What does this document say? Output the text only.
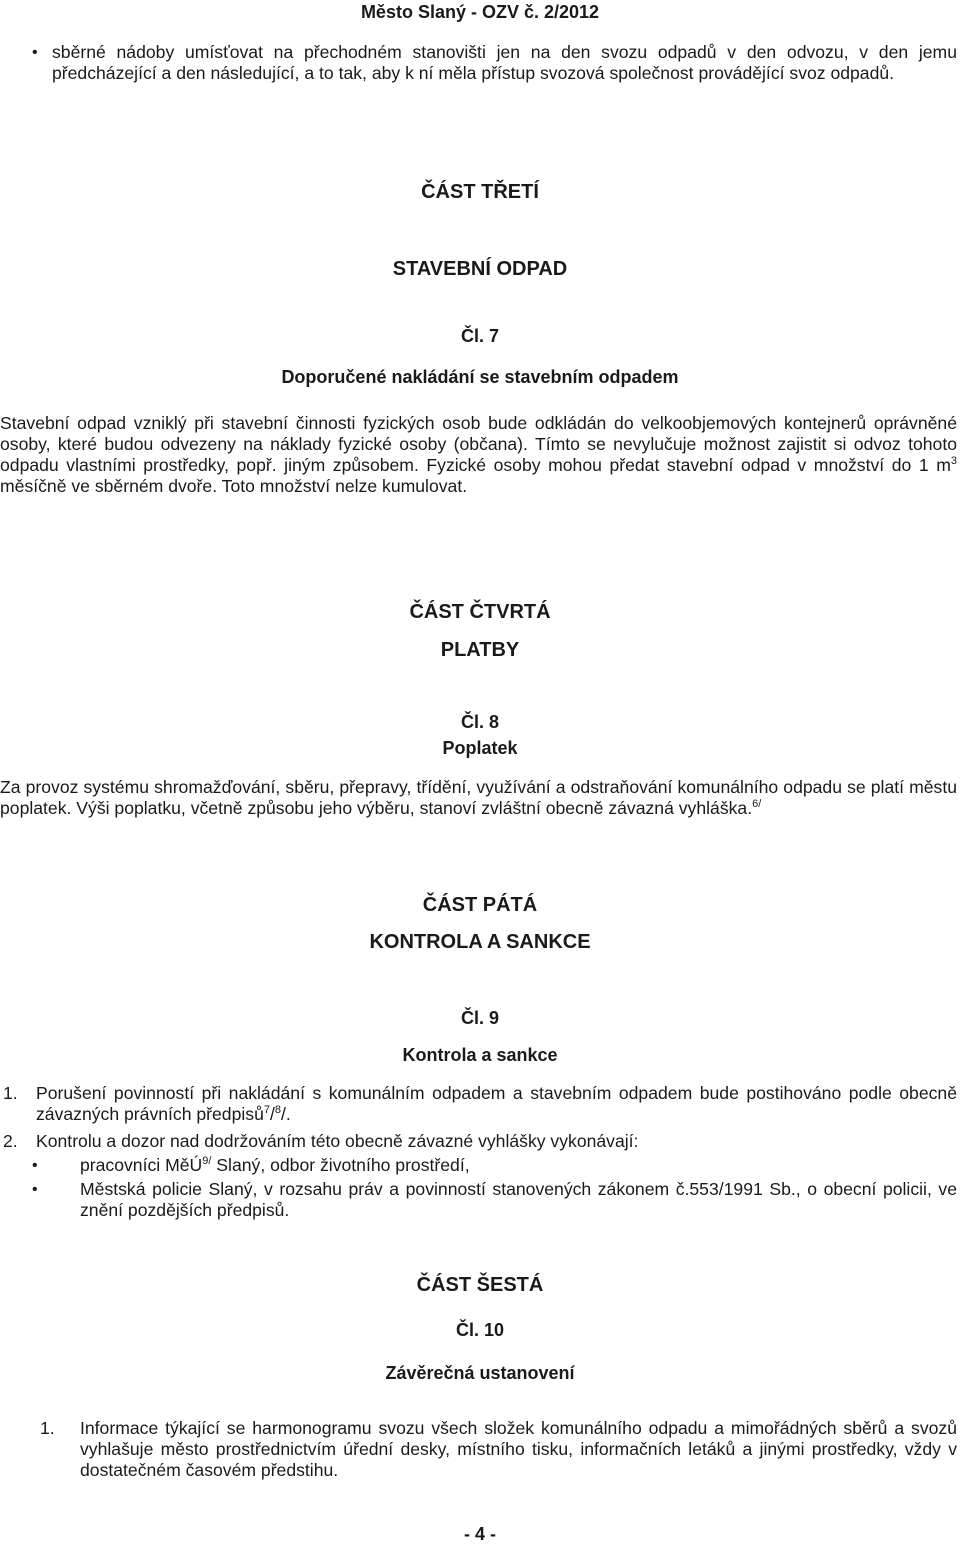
Město Slaný - OZV č. 2/2012
• sběrné nádoby umísťovat na přechodném stanovišti jen na den svozu odpadů v den odvozu, v den jemu předcházející a den následující, a to tak, aby k ní měla přístup svozová společnost provádějící svoz odpadů.
ČÁST TŘETÍ
STAVEBNÍ ODPAD
Čl. 7
Doporučené nakládání se stavebním odpadem
Stavební odpad vzniklý při stavební činnosti fyzických osob bude odkládán do velkoobjemových kontejnerů oprávněné osoby, které budou odvezeny na náklady fyzické osoby (občana). Tímto se nevylučuje možnost zajistit si odvoz tohoto odpadu vlastními prostředky, popř. jiným způsobem. Fyzické osoby mohou předat stavební odpad v množství do 1 $m^3$ měsíčně ve sběrném dvoře. Toto množství nelze kumulovat.
ČÁST ČTVRTÁ
PLATBY
Čl. 8
Poplatek
Za provoz systému shromažďování, sběru, přepravy, třídění, využívání a odstraňování komunálního odpadu se platí městu poplatek. Výši poplatku, včetně způsobu jeho výběru, stanoví zvláštní obecně závazná vyhláška.$^{6/}$
ČÁST PÁTÁ
KONTROLA A SANKCE
Čl. 9
Kontrola a sankce
1. Porušení povinností při nakládání s komunálním odpadem a stavebním odpadem bude postihováno podle obecně závazných právních předpisů$^7$/$^8$/.
2. Kontrolu a dozor nad dodržováním této obecně závazné vyhlášky vykonávají:
• pracovníci MěÚ$^{9/}$ Slaný, odbor životního prostředí,
• Městská policie Slaný, v rozsahu práv a povinností stanovených zákonem č.553/1991 Sb., o obecní policii, ve znění pozdějších předpisů.
ČÁST ŠESTÁ
Čl. 10
Závěrečná ustanovení
1. Informace týkající se harmonogramu svozu všech složek komunálního odpadu a mimořádných sběrů a svozů vyhlašuje město prostřednictvím úřední desky, místního tisku, informačních letáků a jinými prostředky, vždy v dostatečném časovém předstihu.
- 4 -
